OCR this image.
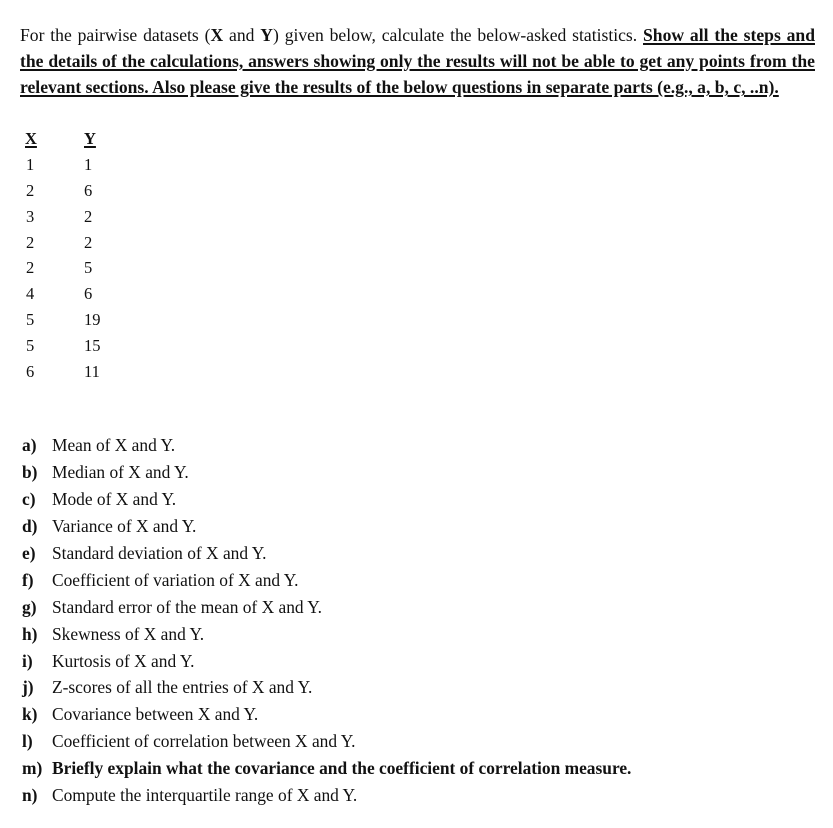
For the pairwise datasets (X and Y) given below, calculate the below-asked statistics. Show all the steps and the details of the calculations, answers showing only the results will not be able to get any points from the relevant sections. Also please give the results of the below questions in separate parts (e.g., a, b, c, ..n).

X	Y
1	1
2	6
3	2
2	2
2	5
4	6
5	19
5	15
6	11
a) Mean of X and Y.
b) Median of X and Y.
c) Mode of X and Y.
d) Variance of X and Y.
e) Standard deviation of X and Y.
f)	Coefficient of variation of X and Y.
g) Standard error of the mean of X and Y.
h) Skewness of X and Y.
i)	Kurtosis of X and Y.
j)	Z-scores of all the entries of X and Y.
k) Covariance between X and Y.
l)	Coefficient of correlation between X and Y.
m) Briefly explain what the covariance and the coefficient of correlation measure.
n) Compute the interquartile range of X and Y.
